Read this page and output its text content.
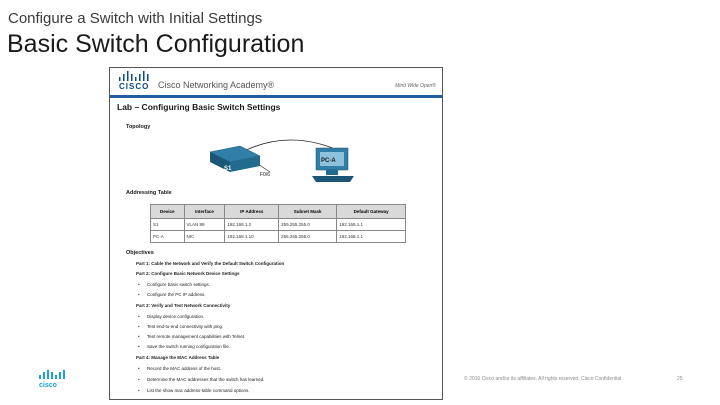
Configure a Switch with Initial Settings
Basic Switch Configuration
CISCO Cisco Networking Academy®	Mind Wide Open®
Lab – Configuring Basic Switch Settings
Topology
S1
F0/6
PC-A
Addressing Table
Device	Interface	IP Address	Subnet Mask	Default Gateway
S1	VLAN 99	192.168.1.2	255.255.255.0	192.168.1.1
PC-A	NIC	192.168.1.10	255.255.255.0	192.168.1.1
Objectives
Part 1: Cable the Network and Verify the Default Switch Configuration
Part 2: Configure Basic Network Device Settings
• Configure basic switch settings.
• Configure the PC IP address.
Part 3: Verify and Test Network Connectivity
• Display device configuration.
• Test end-to-end connectivity with ping.
• Test remote management capabilities with Telnet.
• Save the switch running configuration file.
Part 4: Manage the MAC Address Table
• Record the MAC address of the host.
• Determine the MAC addresses that the switch has learned.
• List the show mac address-table command options.
cisco
© 2016 Cisco and/or its affiliates. All rights reserved. Cisco Confidential	25
